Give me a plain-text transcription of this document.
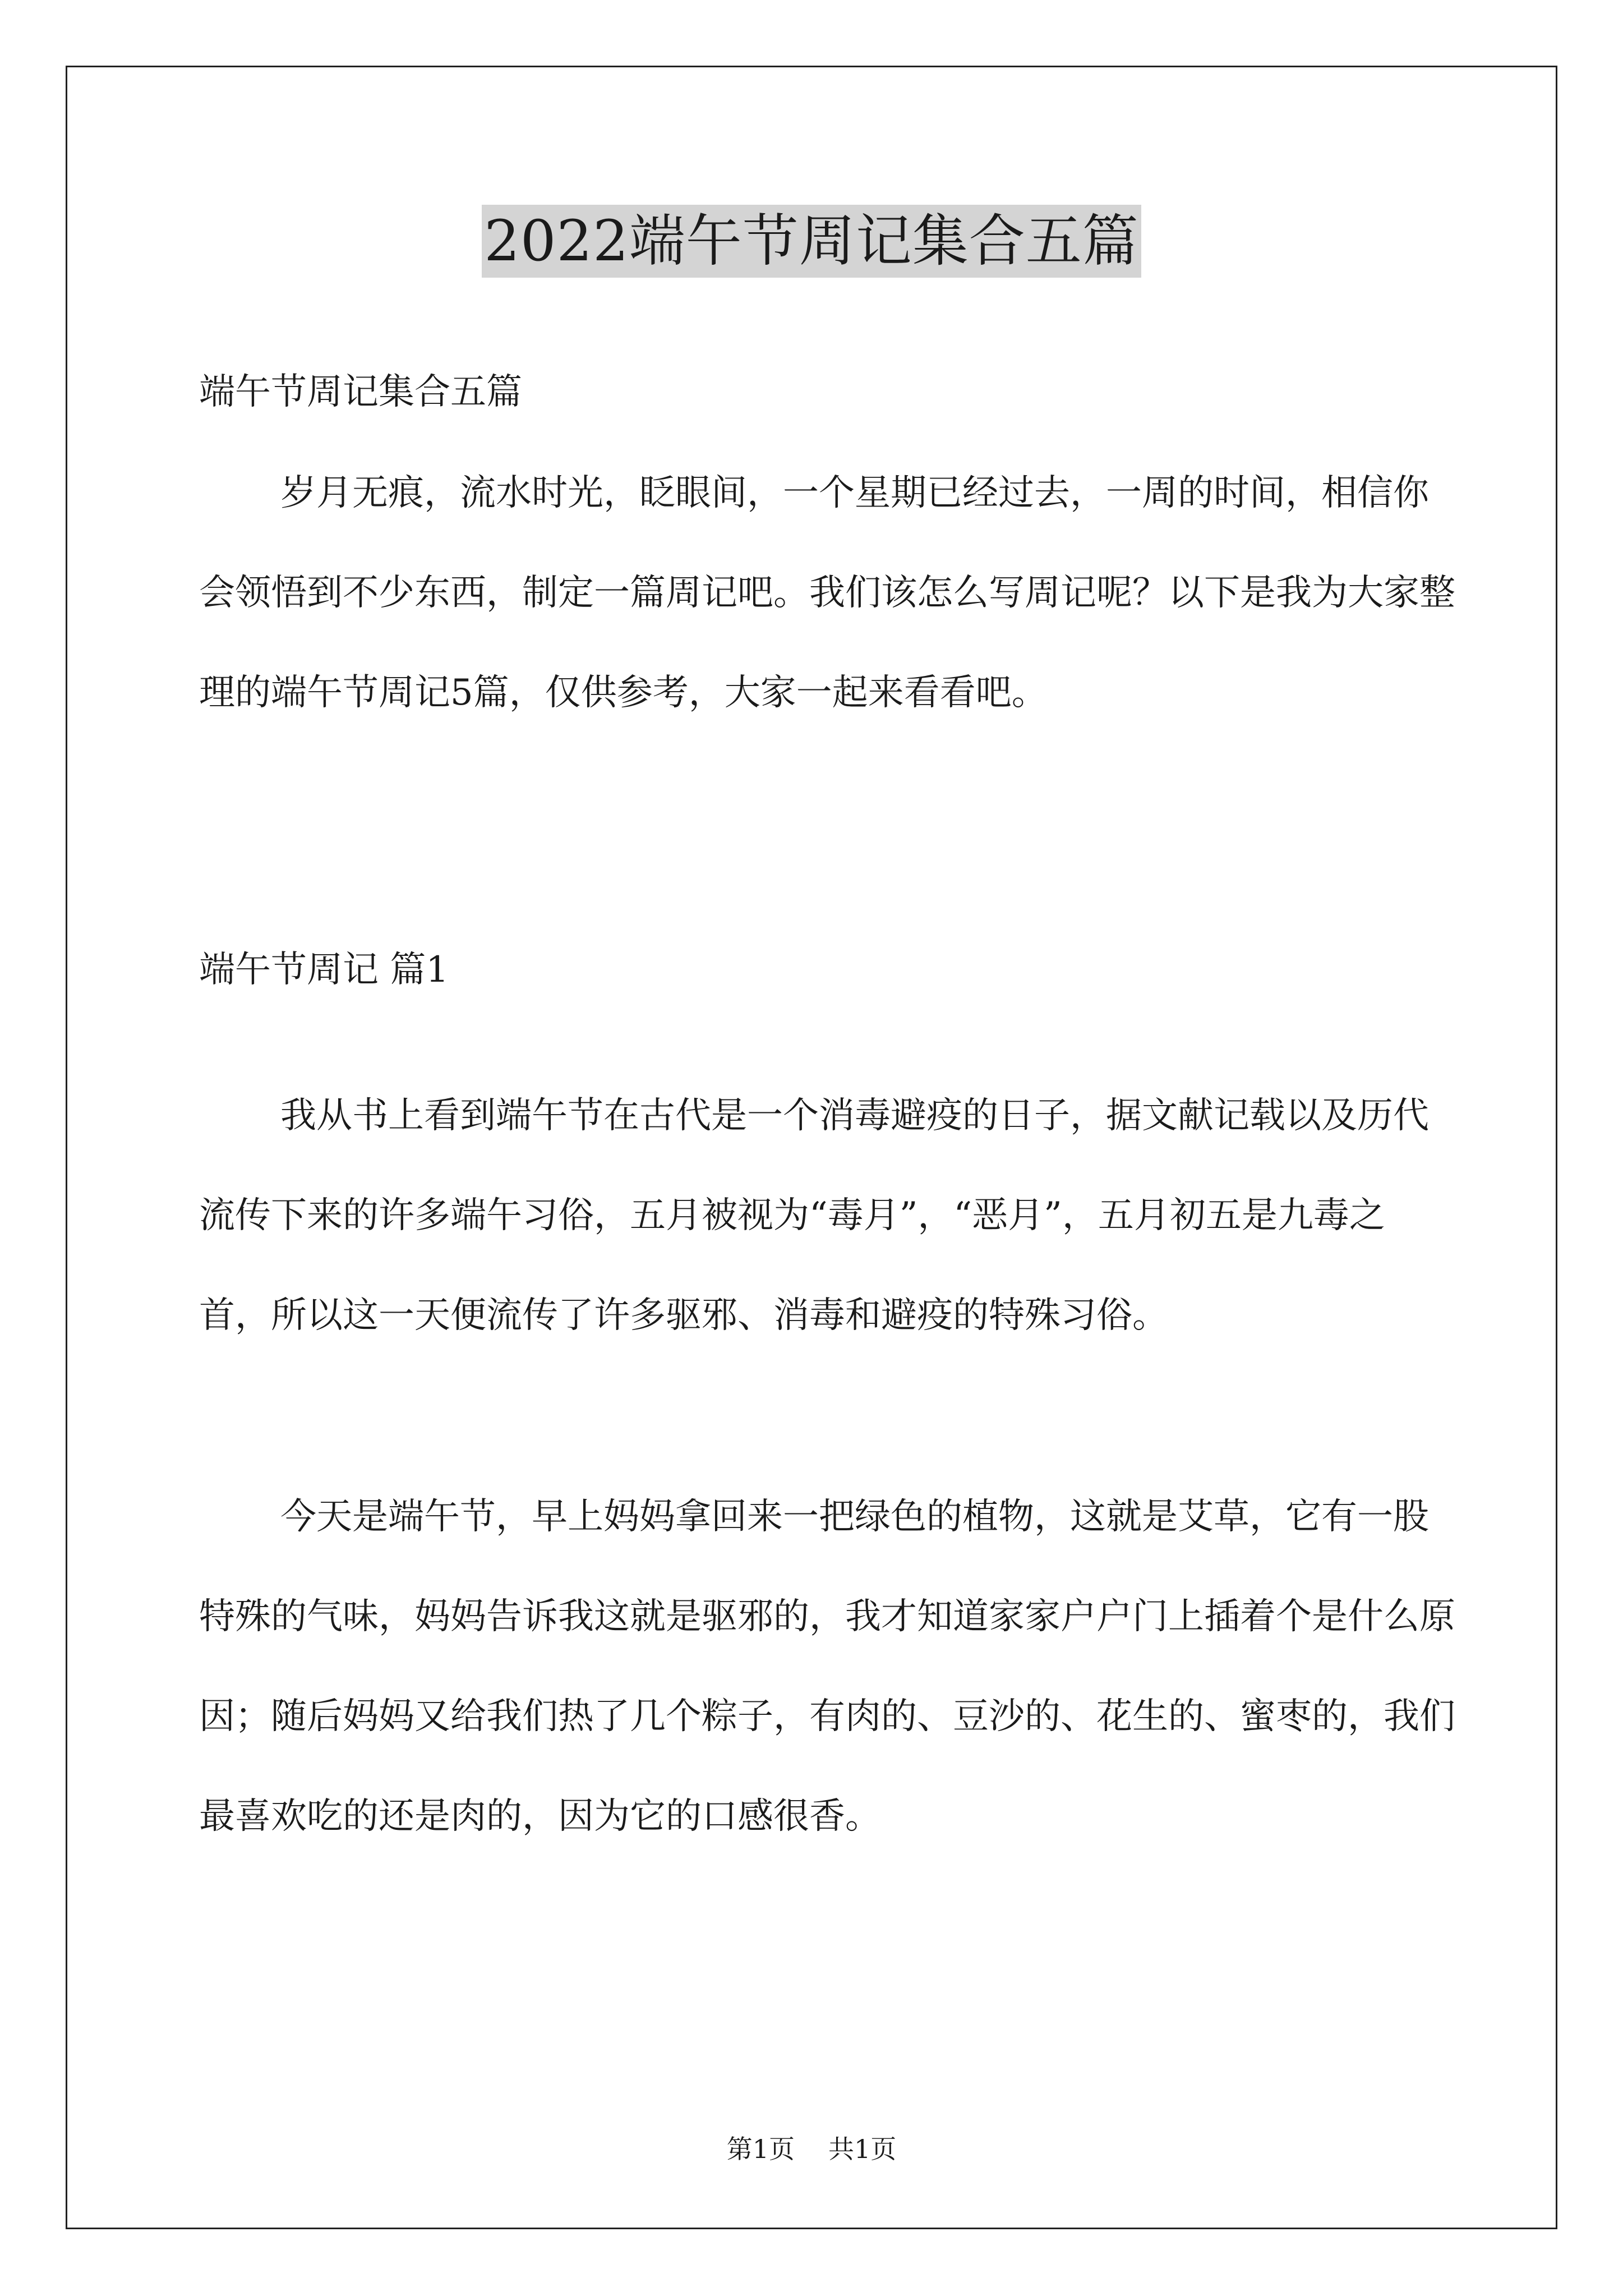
2022端午节周记集合五篇

端午节周记集合五篇

岁月无痕，流水时光，眨眼间，一个星期已经过去，一周的时间，相信你会领悟到不少东西，制定一篇周记吧。我们该怎么写周记呢？以下是我为大家整理的端午节周记5篇，仅供参考，大家一起来看看吧。

端午节周记 篇1

我从书上看到端午节在古代是一个消毒避疫的日子，据文献记载以及历代流传下来的许多端午习俗，五月被视为“毒月”，“恶月”，五月初五是九毒之首，所以这一天便流传了许多驱邪、消毒和避疫的特殊习俗。

今天是端午节，早上妈妈拿回来一把绿色的植物，这就是艾草，它有一股特殊的气味，妈妈告诉我这就是驱邪的，我才知道家家户户门上插着个是什么原因；随后妈妈又给我们热了几个粽子，有肉的、豆沙的、花生的、蜜枣的，我们最喜欢吃的还是肉的，因为它的口感很香。

第1页 共1页
